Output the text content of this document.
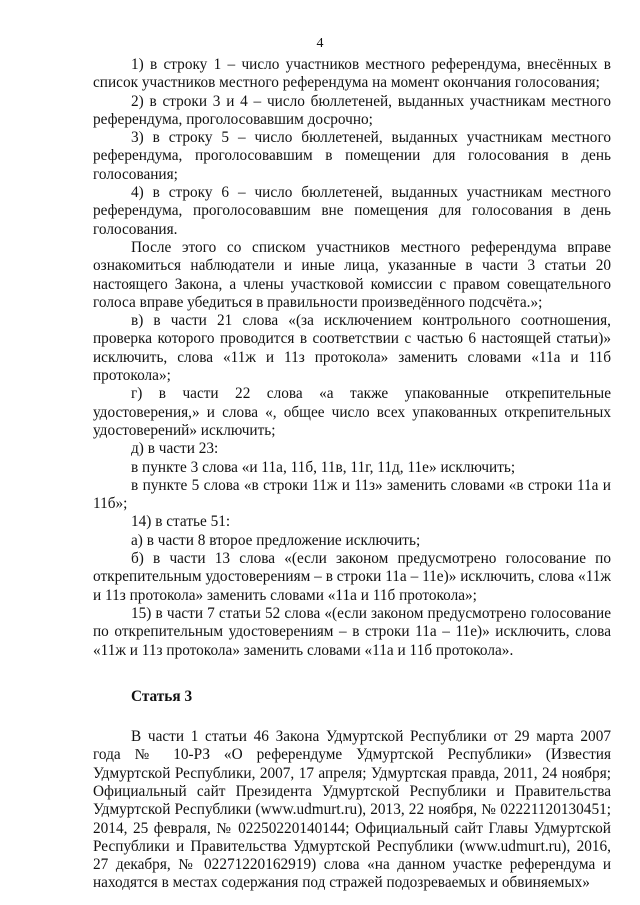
4

1) в строку 1 – число участников местного референдума, внесённых в список участников местного референдума на момент окончания голосования;

2) в строки 3 и 4 – число бюллетеней, выданных участникам местного референдума, проголосовавшим досрочно;

3) в строку 5 – число бюллетеней, выданных участникам местного референдума, проголосовавшим в помещении для голосования в день голосования;

4) в строку 6 – число бюллетеней, выданных участникам местного референдума, проголосовавшим вне помещения для голосования в день голосования.

После этого со списком участников местного референдума вправе ознакомиться наблюдатели и иные лица, указанные в части 3 статьи 20 настоящего Закона, а члены участковой комиссии с правом совещательного голоса вправе убедиться в правильности произведённого подсчёта.»;

в) в части 21 слова «(за исключением контрольного соотношения, проверка которого проводится в соответствии с частью 6 настоящей статьи)» исключить, слова «11ж и 11з протокола» заменить словами «11а и 11б протокола»;

г) в части 22 слова «а также упакованные открепительные удостоверения,» и слова «, общее число всех упакованных открепительных удостоверений» исключить;

д) в части 23:

в пункте 3 слова «и 11а, 11б, 11в, 11г, 11д, 11е» исключить;

в пункте 5 слова «в строки 11ж и 11з» заменить словами «в строки 11а и 11б»;

14) в статье 51:

а) в части 8 второе предложение исключить;

б) в части 13 слова «(если законом предусмотрено голосование по открепительным удостоверениям – в строки 11а – 11е)» исключить, слова «11ж и 11з протокола» заменить словами «11а и 11б протокола»;

15) в части 7 статьи 52 слова «(если законом предусмотрено голосование по открепительным удостоверениям – в строки 11а – 11е)» исключить, слова «11ж и 11з протокола» заменить словами «11а и 11б протокола».

Статья 3

В части 1 статьи 46 Закона Удмуртской Республики от 29 марта 2007 года № 10-РЗ «О референдуме Удмуртской Республики» (Известия Удмуртской Республики, 2007, 17 апреля; Удмуртская правда, 2011, 24 ноября; Официальный сайт Президента Удмуртской Республики и Правительства Удмуртской Республики (www.udmurt.ru), 2013, 22 ноября, № 02221120130451; 2014, 25 февраля, № 02250220140144; Официальный сайт Главы Удмуртской Республики и Правительства Удмуртской Республики (www.udmurt.ru), 2016, 27 декабря, № 02271220162919) слова «на данном участке референдума и находятся в местах содержания под стражей подозреваемых и обвиняемых»
